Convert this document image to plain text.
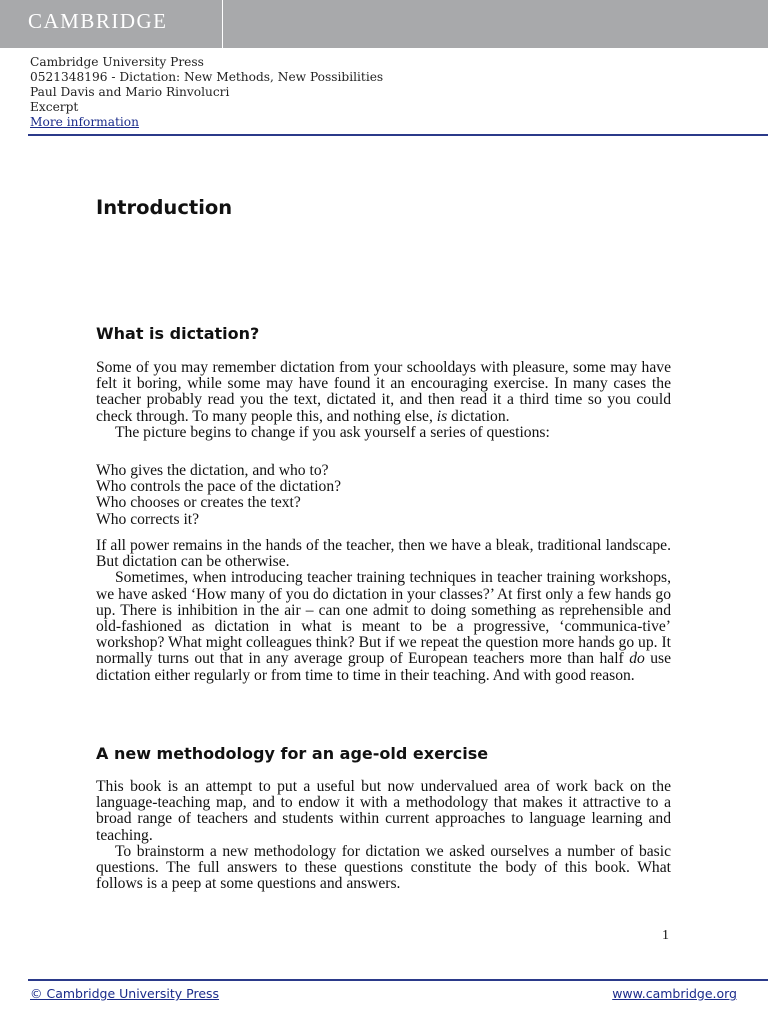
CAMBRIDGE
Cambridge University Press
0521348196 - Dictation: New Methods, New Possibilities
Paul Davis and Mario Rinvolucri
Excerpt
More information
Introduction
What is dictation?

Some of you may remember dictation from your schooldays with pleasure, some may have felt it boring, while some may have found it an encouraging exercise. In many cases the teacher probably read you the text, dictated it, and then read it a third time so you could check through. To many people this, and nothing else, is dictation.

The picture begins to change if you ask yourself a series of questions:

Who gives the dictation, and who to?
Who controls the pace of the dictation?
Who chooses or creates the text?
Who corrects it?

If all power remains in the hands of the teacher, then we have a bleak, traditional landscape. But dictation can be otherwise.

Sometimes, when introducing teacher training techniques in teacher training workshops, we have asked ‘How many of you do dictation in your classes?’ At first only a few hands go up. There is inhibition in the air – can one admit to doing something as reprehensible and old-fashioned as dictation in what is meant to be a progressive, ‘communica-tive’ workshop? What might colleagues think? But if we repeat the question more hands go up. It normally turns out that in any average group of European teachers more than half do use dictation either regularly or from time to time in their teaching. And with good reason.

A new methodology for an age-old exercise

This book is an attempt to put a useful but now undervalued area of work back on the language-teaching map, and to endow it with a methodology that makes it attractive to a broad range of teachers and students within current approaches to language learning and teaching.

To brainstorm a new methodology for dictation we asked ourselves a number of basic questions. The full answers to these questions constitute the body of this book. What follows is a peep at some questions and answers.

1
© Cambridge University Press	www.cambridge.org
